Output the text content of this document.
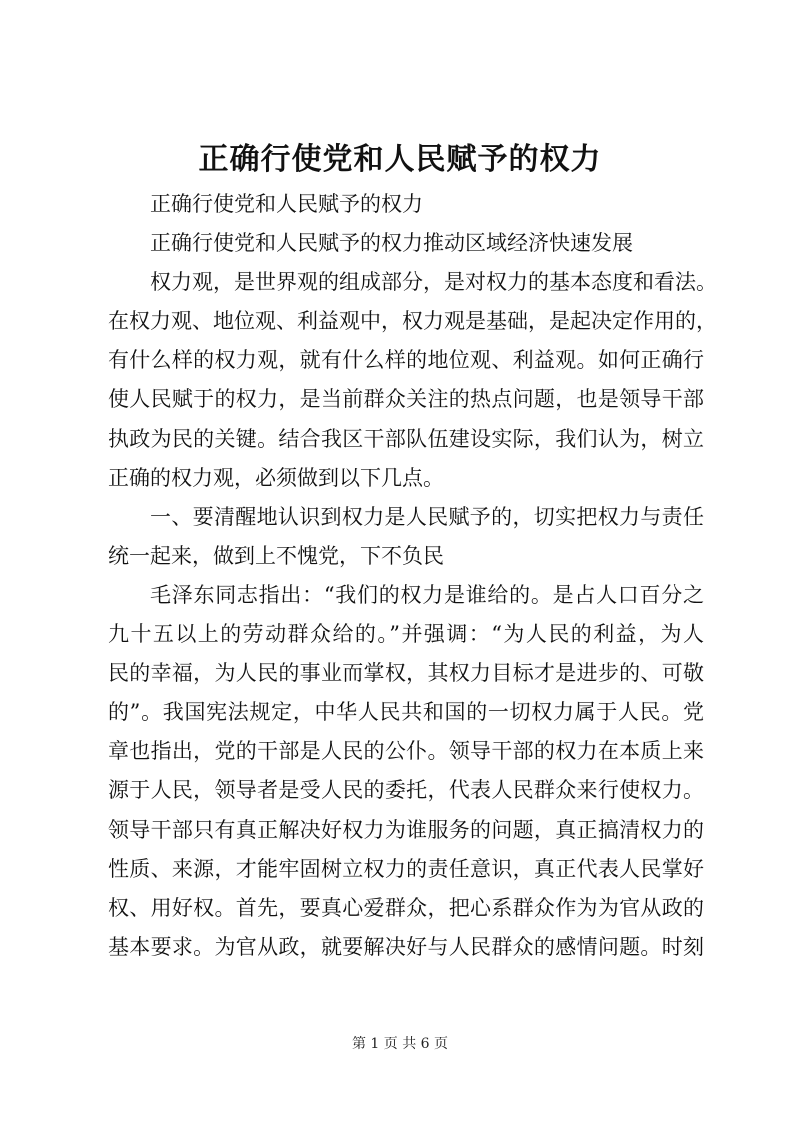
正确行使党和人民赋予的权力
正确行使党和人民赋予的权力
正确行使党和人民赋予的权力推动区域经济快速发展
权力观，是世界观的组成部分，是对权力的基本态度和看法。
在权力观、地位观、利益观中，权力观是基础，是起决定作用的，
有什么样的权力观，就有什么样的地位观、利益观。如何正确行
使人民赋于的权力，是当前群众关注的热点问题，也是领导干部
执政为民的关键。结合我区干部队伍建设实际，我们认为，树立
正确的权力观，必须做到以下几点。
一、要清醒地认识到权力是人民赋予的，切实把权力与责任
统一起来，做到上不愧党，下不负民
毛泽东同志指出：“我们的权力是谁给的。是占人口百分之
九十五以上的劳动群众给的。”并强调：“为人民的利益，为人
民的幸福，为人民的事业而掌权，其权力目标才是进步的、可敬
的”。我国宪法规定，中华人民共和国的一切权力属于人民。党
章也指出，党的干部是人民的公仆。领导干部的权力在本质上来
源于人民，领导者是受人民的委托，代表人民群众来行使权力。
领导干部只有真正解决好权力为谁服务的问题，真正搞清权力的
性质、来源，才能牢固树立权力的责任意识，真正代表人民掌好
权、用好权。首先，要真心爱群众，把心系群众作为为官从政的
基本要求。为官从政，就要解决好与人民群众的感情问题。时刻
第 1 页 共 6 页
